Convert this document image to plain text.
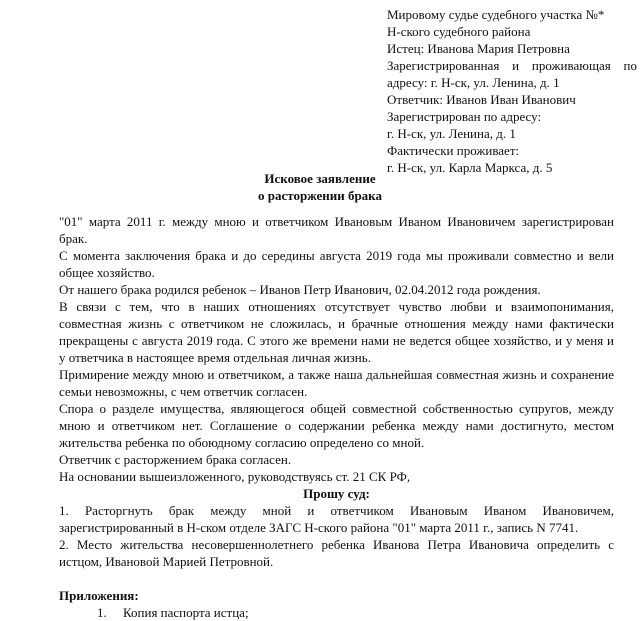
Мировому судье судебного участка №*
Н-ского судебного района
Истец: Иванова Мария Петровна
Зарегистрированная и проживающая по
адресу: г. Н-ск, ул. Ленина, д. 1
Ответчик: Иванов Иван Иванович
Зарегистрирован по адресу:
г. Н-ск, ул. Ленина, д. 1
Фактически проживает:
г. Н-ск, ул. Карла Маркса, д. 5
Исковое заявление
о расторжении брака
"01" марта 2011 г. между мною и ответчиком Ивановым Иваном Ивановичем зарегистрирован
брак.
С момента заключения брака и до середины августа 2019 года мы проживали совместно и вели
общее хозяйство.
От нашего брака родился ребенок – Иванов Петр Иванович, 02.04.2012 года рождения.
В связи с тем, что в наших отношениях отсутствует чувство любви и взаимопонимания,
совместная жизнь с ответчиком не сложилась, и брачные отношения между нами фактически
прекращены с августа 2019 года. С этого же времени нами не ведется общее хозяйство, и у меня и
у ответчика в настоящее время отдельная личная жизнь.
Примирение между мною и ответчиком, а также наша дальнейшая совместная жизнь и сохранение
семьи невозможны, с чем ответчик согласен.
Спора о разделе имущества, являющегося общей совместной собственностью супругов, между
мною и ответчиком нет. Соглашение о содержании ребенка между нами достигнуто, местом
жительства ребенка по обоюдному согласию определено со мной.
Ответчик с расторжением брака согласен.
На основании вышеизложенного, руководствуясь ст. 21 СК РФ,
Прошу суд:
1. Расторгнуть брак между мной и ответчиком Ивановым Иваном Ивановичем,
зарегистрированный в Н-ском отделе ЗАГС Н-ского района "01" марта 2011 г., запись N 7741.
2. Место жительства несовершеннолетнего ребенка Иванова Петра Ивановича определить с
истцом, Ивановой Марией Петровной.
Приложения:
1. Копия паспорта истца;
